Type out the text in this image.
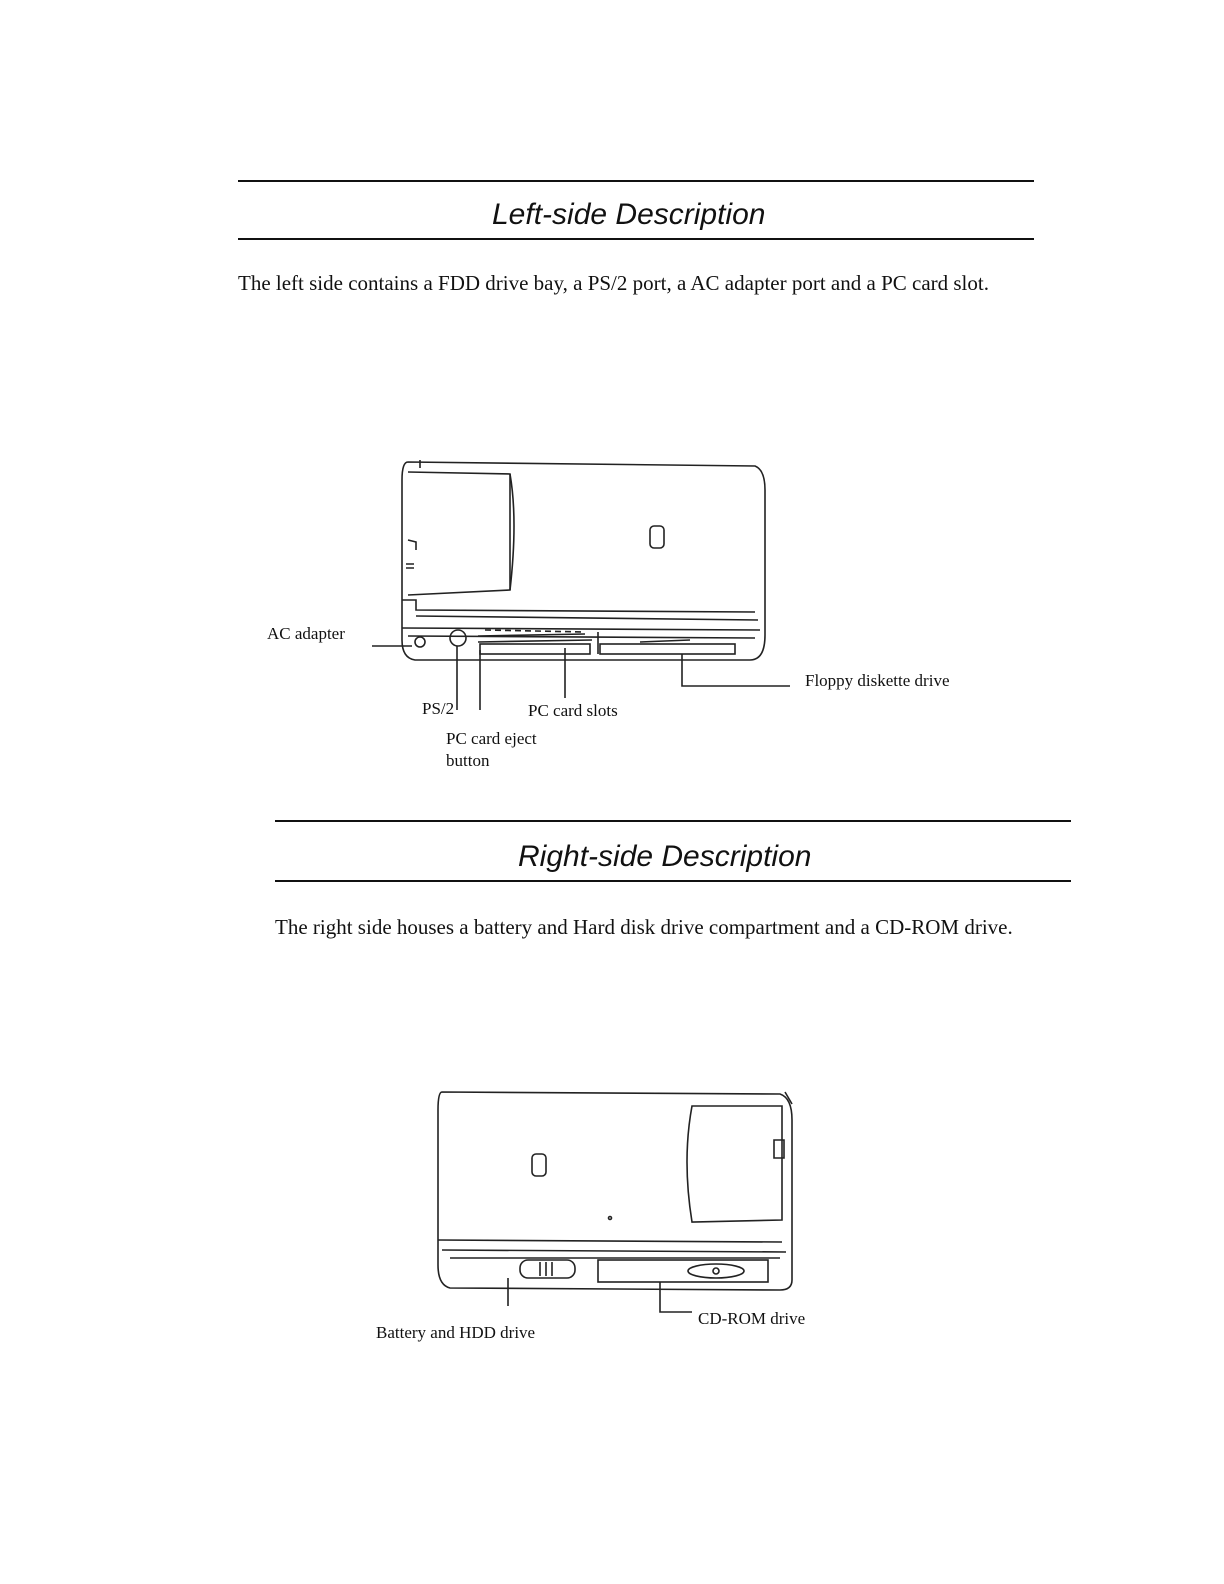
Left-side Description
The left side contains a FDD drive bay, a PS/2 port, a AC adapter port and a PC card slot.
AC adapter
PS/2	PC card slots
PC card eject
button
Floppy diskette drive
Right-side Description
The right side houses a battery and Hard disk drive compartment and a CD-ROM drive.
Battery and HDD drive
CD-ROM drive
